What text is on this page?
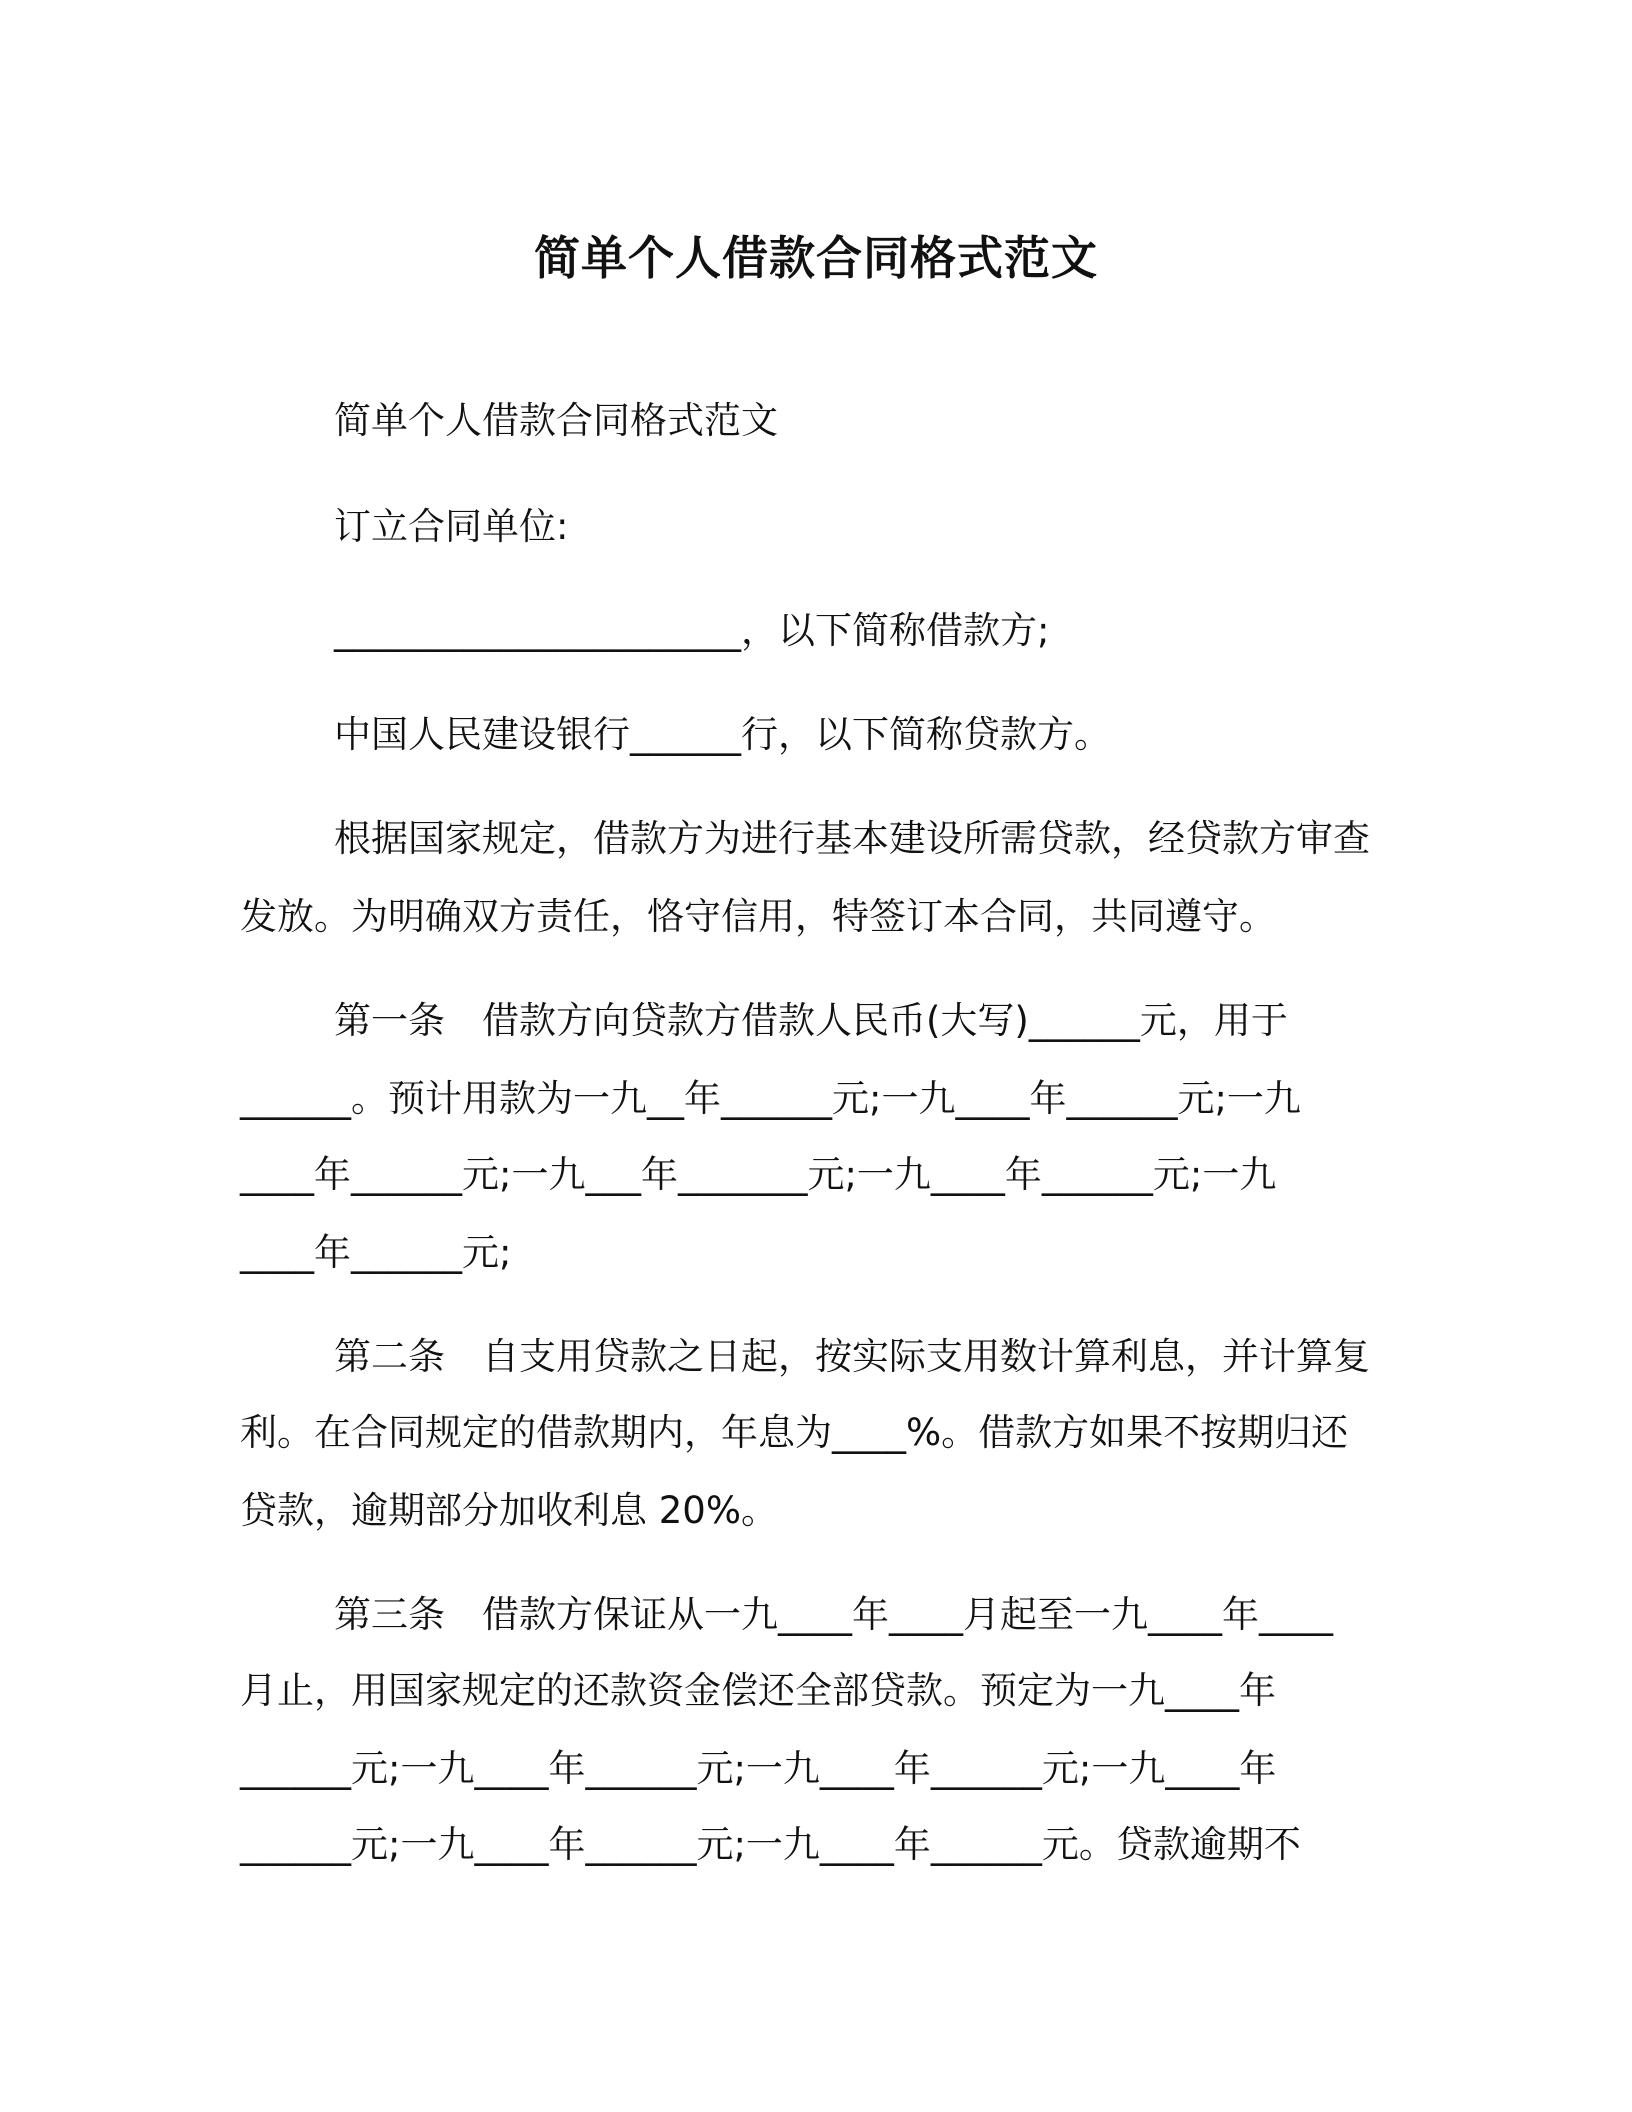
简单个人借款合同格式范文

简单个人借款合同格式范文

订立合同单位:

______________________，以下简称借款方;

中国人民建设银行______行，以下简称贷款方。

根据国家规定，借款方为进行基本建设所需贷款，经贷款方审查

发放。为明确双方责任，恪守信用，特签订本合同，共同遵守。

第一条　借款方向贷款方借款人民币(大写)______元，用于

______。预计用款为一九__年______元;一九____年______元;一九

____年______元;一九___年_______元;一九____年______元;一九

____年______元;

第二条　自支用贷款之日起，按实际支用数计算利息，并计算复

利。在合同规定的借款期内，年息为____%。借款方如果不按期归还

贷款，逾期部分加收利息 20%。

第三条　借款方保证从一九____年____月起至一九____年____

月止，用国家规定的还款资金偿还全部贷款。预定为一九____年

______元;一九____年______元;一九____年______元;一九____年

______元;一九____年______元;一九____年______元。贷款逾期不
